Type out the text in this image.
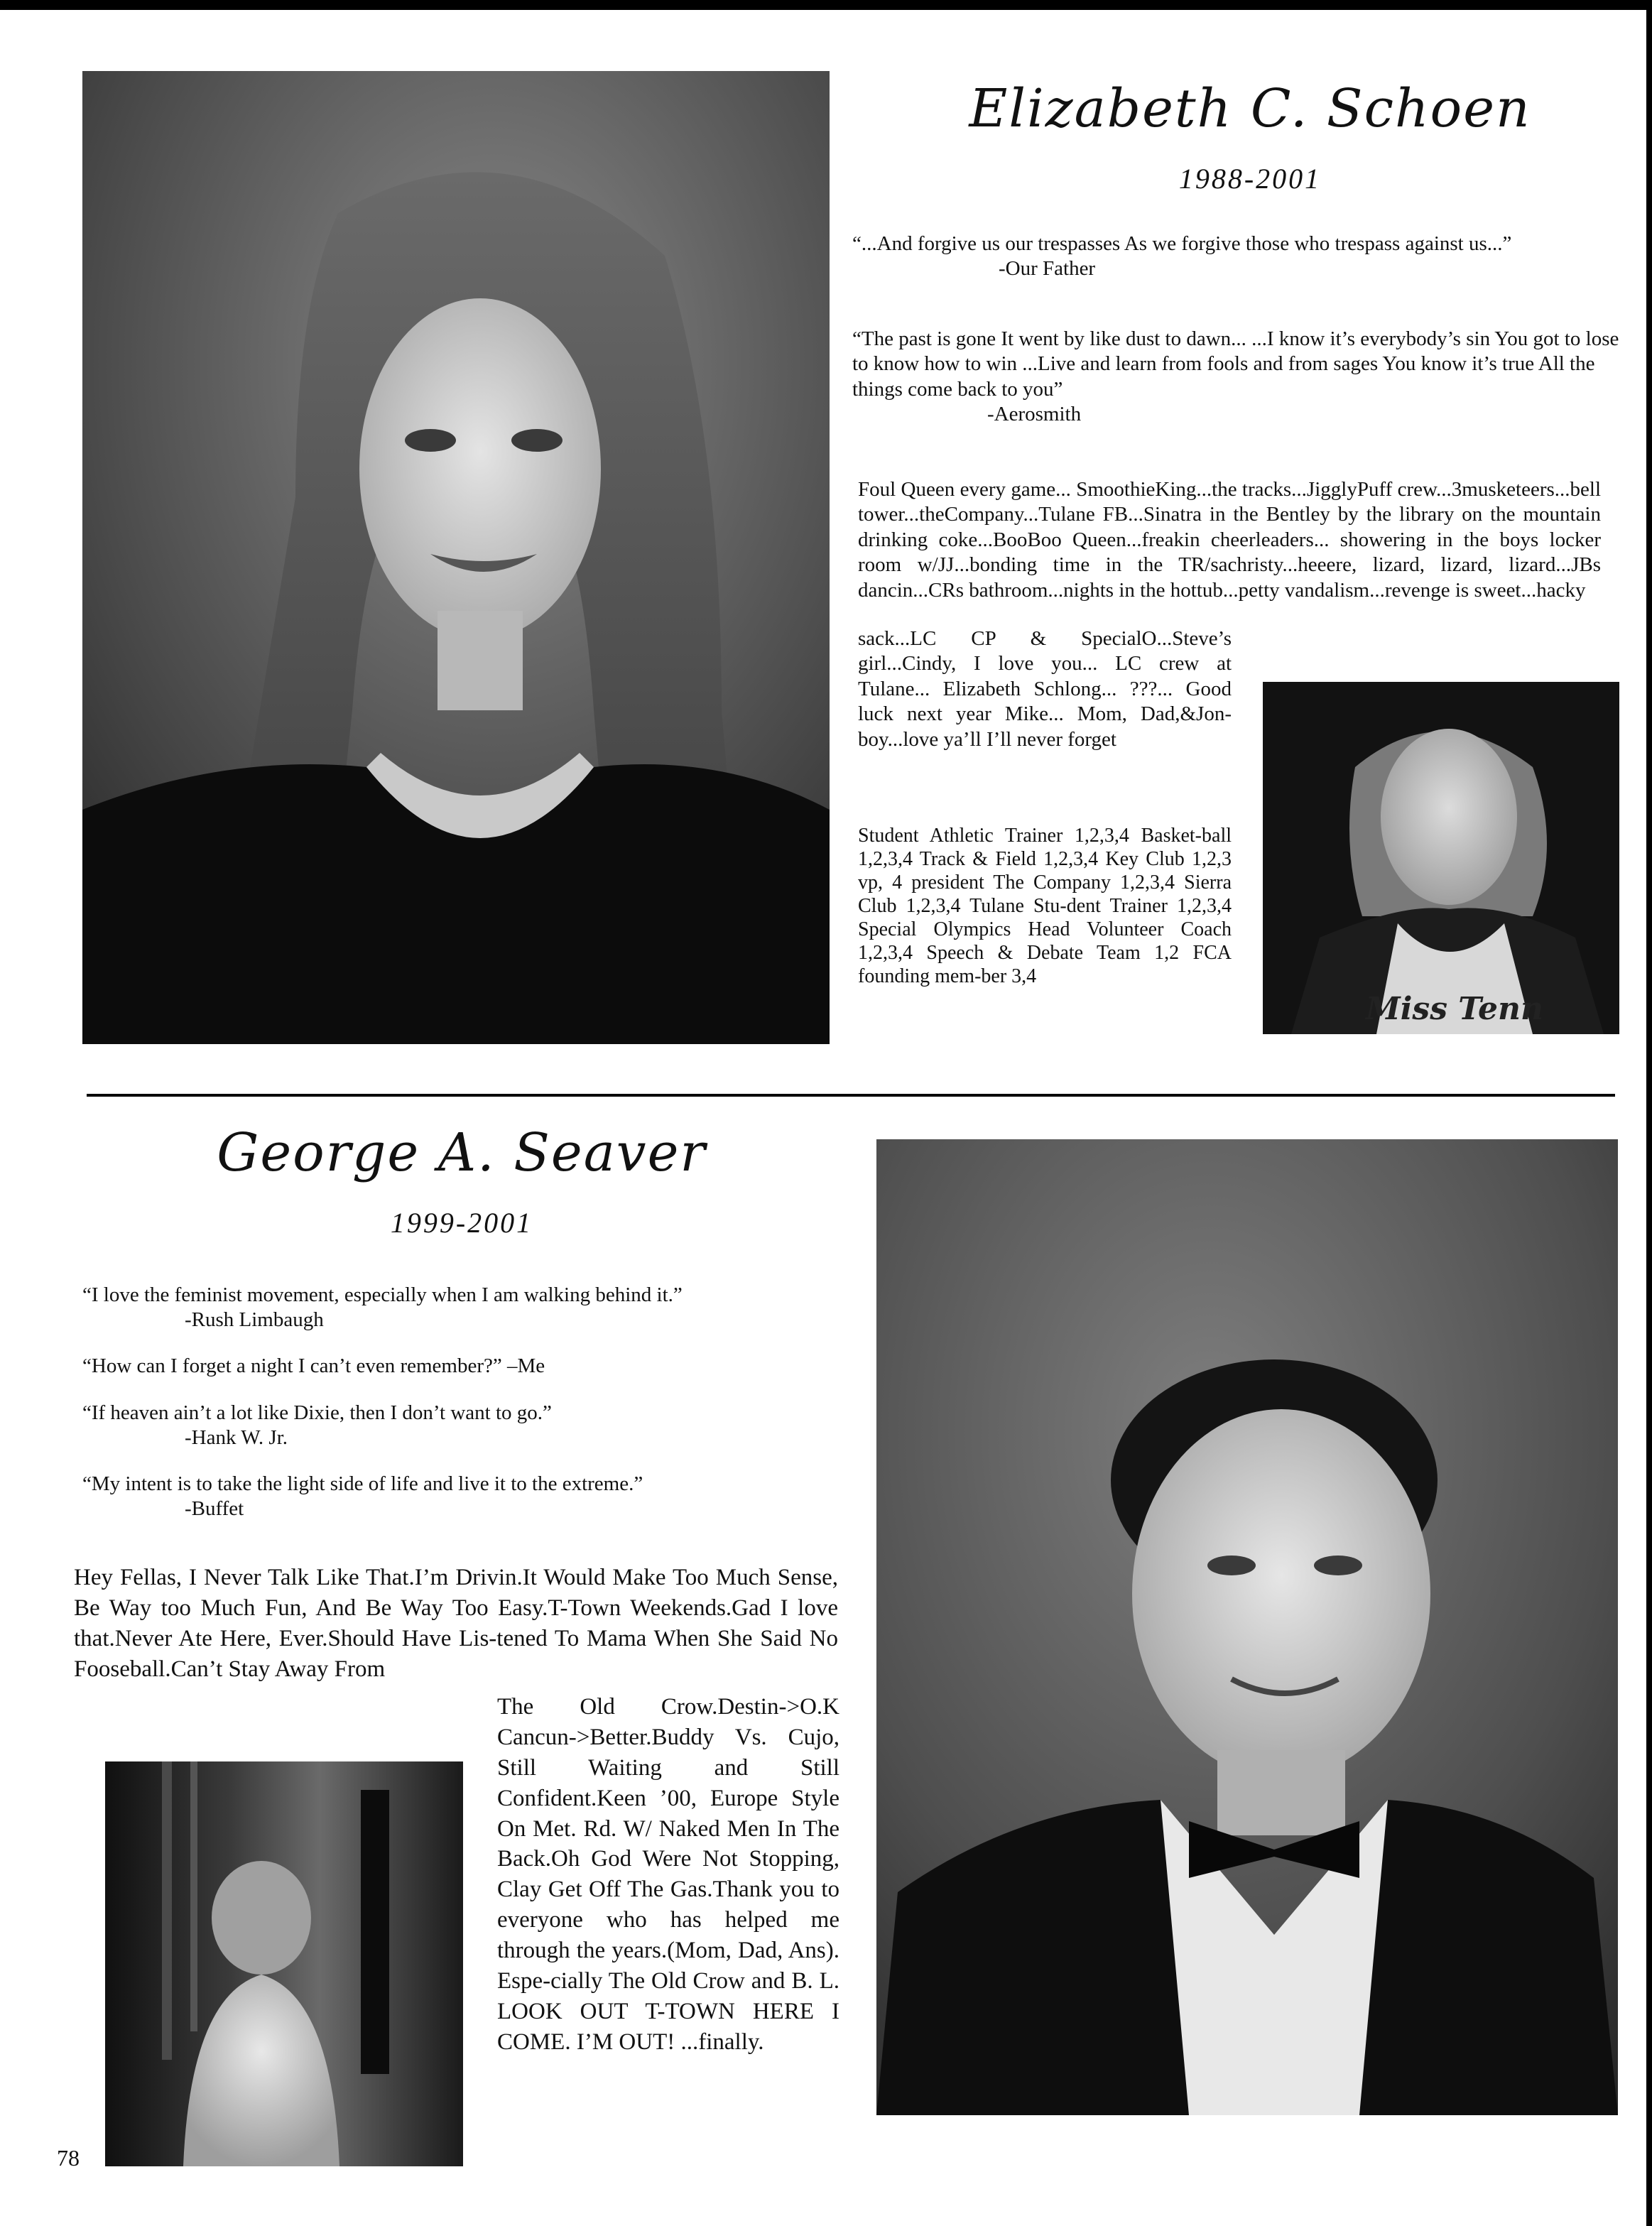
Elizabeth C. Schoen
1988-2001

“...And forgive us our trespasses As we forgive those who trespass against us...”
-Our Father

“The past is gone It went by like dust to dawn... ...I know it’s everybody’s sin You got to lose to know how to win ...Live and learn from fools and from sages You know it’s true All the things come back to you”
-Aerosmith

Foul Queen every game... SmoothieKing...the tracks...JigglyPuff crew...3musketeers...bell tower...theCompany...Tulane FB...Sinatra in the Bentley by the library on the mountain drinking coke...BooBoo Queen...freakin cheerleaders... showering in the boys locker room w/JJ...bonding time in the TR/sachristy...heeere, lizard, lizard, lizard...JBs dancin...CRs bathroom...nights in the hottub...petty vandalism...revenge is sweet...hacky

sack...LC CP & SpecialO...Steve’s girl...Cindy, I love you... LC crew at Tulane... Elizabeth Schlong... ???... Good luck next year Mike... Mom, Dad,&Jon-boy...love ya’ll I’ll never forget

Student Athletic Trainer 1,2,3,4 Basket-ball 1,2,3,4 Track & Field 1,2,3,4 Key Club 1,2,3 vp, 4 president The Company 1,2,3,4 Sierra Club 1,2,3,4 Tulane Stu-dent Trainer 1,2,3,4 Special Olympics Head Volunteer Coach 1,2,3,4 Speech & Debate Team 1,2 FCA founding mem-ber 3,4

Miss Tenn
George A. Seaver
1999-2001

“I love the feminist movement, especially when I am walking behind it.”
-Rush Limbaugh

“How can I forget a night I can’t even remember?” –Me

“If heaven ain’t a lot like Dixie, then I don’t want to go.”
-Hank W. Jr.

“My intent is to take the light side of life and live it to the extreme.”
-Buffet

Hey Fellas, I Never Talk Like That.I’m Drivin.It Would Make Too Much Sense, Be Way too Much Fun, And Be Way Too Easy.T-Town Weekends.Gad I love that.Never Ate Here, Ever.Should Have Lis-tened To Mama When She Said No Fooseball.Can’t Stay Away From

The Old Crow.Destin->O.K Cancun->Better.Buddy Vs. Cujo, Still Waiting and Still Confident.Keen ’00, Europe Style On Met. Rd. W/ Naked Men In The Back.Oh God Were Not Stopping, Clay Get Off The Gas.Thank you to everyone who has helped me through the years.(Mom, Dad, Ans). Espe-cially The Old Crow and B. L. LOOK OUT T-TOWN HERE I COME. I’M OUT! ...finally.

78
